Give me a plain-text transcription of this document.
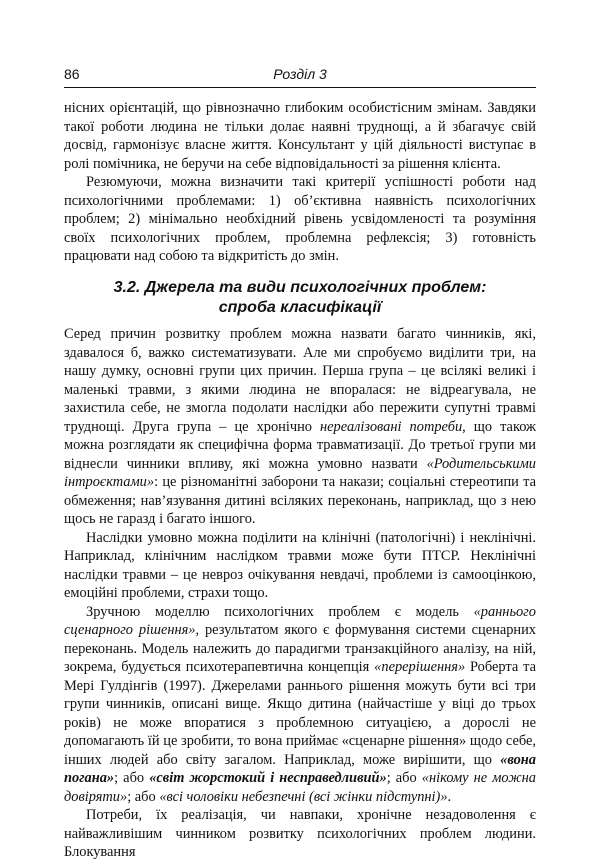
86	Розділ 3

нісних орієнтацій, що рівнозначно глибоким особистісним змінам. Завдяки такої роботи людина не тільки долає наявні труднощі, а й збагачує свій досвід, гармонізує власне життя. Консультант у цій діяльності виступає в ролі помічника, не беручи на себе відповідальності за рішення клієнта.

Резюмуючи, можна визначити такі критерії успішності роботи над психологічними проблемами: 1) об’єктивна наявність психологічних проблем; 2) мінімально необхідний рівень усвідомленості та розуміння своїх психологічних проблем, проблемна рефлексія; 3) готовність працювати над собою та відкритість до змін.

3.2. Джерела та види психологічних проблем:
спроба класифікації

Серед причин розвитку проблем можна назвати багато чинників, які, здавалося б, важко систематизувати. Але ми спробуємо виділити три, на нашу думку, основні групи цих причин. Перша група – це всілякі великі і маленькі травми, з якими людина не впоралася: не відреагувала, не захистила себе, не змогла подолати наслідки або пережити супутні травмі труднощі. Друга група – це хронічно нереалізовані потреби, що також можна розглядати як специфічна форма травматизації. До третьої групи ми віднесли чинники впливу, які можна умовно назвати «Родительськими інтроєктами»: це різноманітні заборони та накази; соціальні стереотипи та обмеження; нав’язування дитині всіляких переконань, наприклад, що з нею щось не гаразд і багато іншого.

Наслідки умовно можна поділити на клінічні (патологічні) і неклінічні. Наприклад, клінічним наслідком травми може бути ПТСР. Неклінічні наслідки травми – це невроз очікування невдачі, проблеми із самооцінкою, емоційні проблеми, страхи тощо.

Зручною моделлю психологічних проблем є модель «раннього сценарного рішення», результатом якого є формування системи сценарних переконань. Модель належить до парадигми транзакційного аналізу, на ній, зокрема, будується психотерапевтична концепція «перерішення» Роберта та Мері Гулдінгів (1997). Джерелами раннього рішення можуть бути всі три групи чинників, описані вище. Якщо дитина (найчастіше у віці до трьох років) не може впоратися з проблемною ситуацією, а дорослі не допомагають їй це зробити, то вона приймає «сценарне рішення» щодо себе, інших людей або світу загалом. Наприклад, може вирішити, що «вона погана»; або «світ жорстокий і несправедливий»; або «нікому не можна довіряти»; або «всі чоловіки небезпечні (всі жінки підступні)».

Потреби, їх реалізація, чи навпаки, хронічне незадоволення є найважливішим чинником розвитку психологічних проблем людини. Блокування
